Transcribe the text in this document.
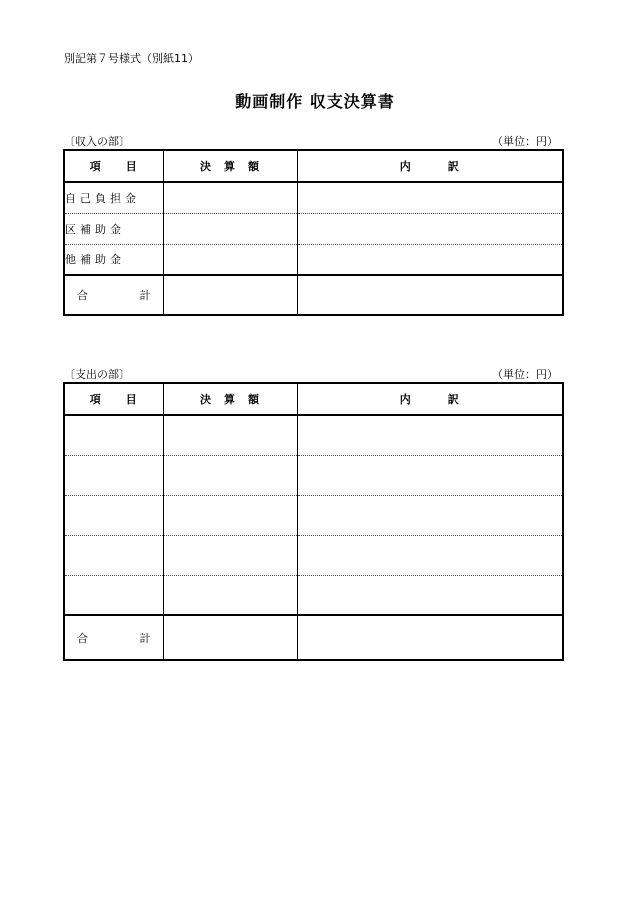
別記第７号様式（別紙11）
動画制作 収支決算書
〔収入の部〕	（単位：円）
項　　目	決　算　額	内　　　訳
自己負担金		
区補助金		
他補助金		

合 計		

〔支出の部〕	（単位：円）
項　　目	決　算　額	内　　　訳

合 計		
